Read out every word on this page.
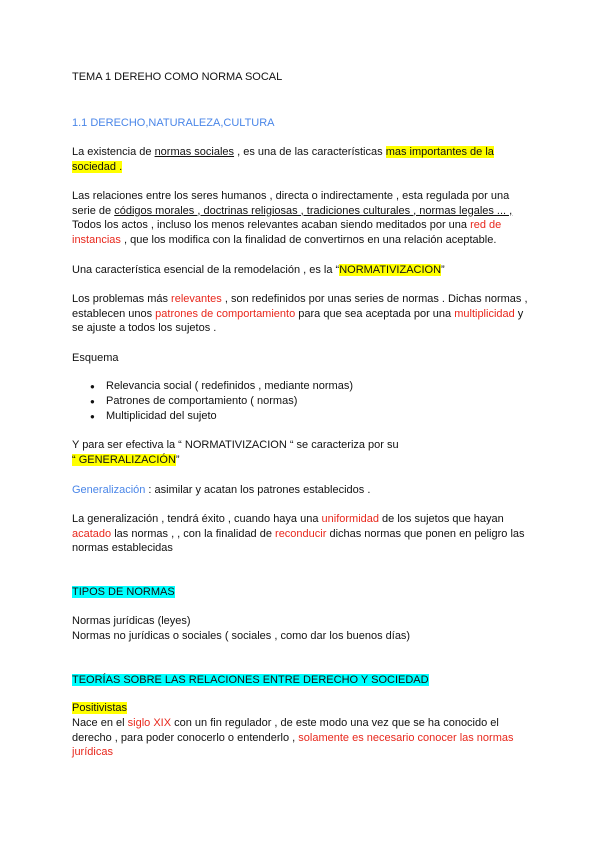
TEMA 1 DEREHO COMO NORMA SOCAL
1.1 DERECHO,NATURALEZA,CULTURA
La existencia de normas sociales , es una de las características mas importantes de la sociedad .
Las relaciones entre los seres humanos , directa o indirectamente , esta regulada por una serie de códigos morales , doctrinas religiosas , tradiciones culturales , normas legales ... , Todos los actos , incluso los menos relevantes acaban siendo meditados por una red de instancias , que los modifica con la finalidad de convertirnos en una relación aceptable.
Una característica esencial de la remodelación , es la “NORMATIVIZACION”
Los problemas más relevantes , son redefinidos por unas series de normas . Dichas normas , establecen unos patrones de comportamiento para que sea aceptada por una multiplicidad y se ajuste a todos los sujetos .
Esquema
● Relevancia social ( redefinidos , mediante normas)
● Patrones de comportamiento ( normas)
● Multiplicidad del sujeto
Y para ser efectiva la “ NORMATIVIZACION “ se caracteriza por su
“ GENERALIZACIÓN”
Generalización : asimilar y acatan los patrones establecidos .
La generalización , tendrá éxito , cuando haya una uniformidad de los sujetos que hayan acatado las normas , , con la finalidad de reconducir dichas normas que ponen en peligro las normas establecidas
TIPOS DE NORMAS
Normas jurídicas (leyes)
Normas no jurídicas o sociales ( sociales , como dar los buenos días)
TEORÍAS SOBRE LAS RELACIONES ENTRE DERECHO Y SOCIEDAD
Positivistas
Nace en el siglo XIX con un fin regulador , de este modo una vez que se ha conocido el derecho , para poder conocerlo o entenderlo , solamente es necesario conocer las normas jurídicas
